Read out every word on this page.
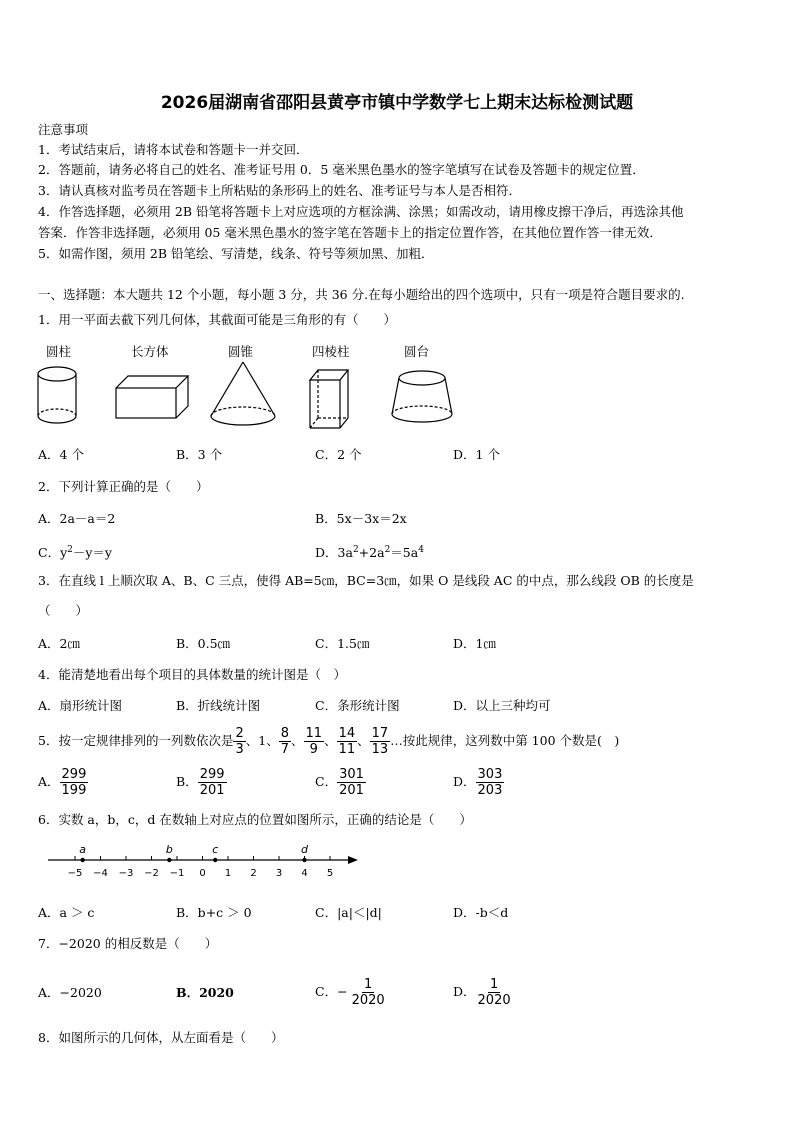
2026届湖南省邵阳县黄亭市镇中学数学七上期末达标检测试题
注意事项
1．考试结束后，请将本试卷和答题卡一并交回．
2．答题前，请务必将自己的姓名、准考证号用 0．5 毫米黑色墨水的签字笔填写在试卷及答题卡的规定位置．
3．请认真核对监考员在答题卡上所粘贴的条形码上的姓名、准考证号与本人是否相符．
4．作答选择题，必须用 2B 铅笔将答题卡上对应选项的方框涂满、涂黑；如需改动，请用橡皮擦干净后，再选涂其他
答案．作答非选择题，必须用 05 毫米黑色墨水的签字笔在答题卡上的指定位置作答，在其他位置作答一律无效．
5．如需作图，须用 2B 铅笔绘、写清楚，线条、符号等须加黑、加粗．
一、选择题：本大题共 12 个小题，每小题 3 分，共 36 分.在每小题给出的四个选项中，只有一项是符合题目要求的.
1．用一平面去截下列几何体，其截面可能是三角形的有（　　）
圆柱	长方体	圆锥	四棱柱	圆台
A．4 个	B．3 个	C．2 个	D．1 个
2．下列计算正确的是（　　）
A．2a－a＝2	B．5x－3x＝2x
C．$y^2-y=y$	D．$3a^2+2a^2=5a^4$
3．在直线 l 上顺次取 A、B、C 三点，使得 AB=5㎝，BC=3㎝，如果 O 是线段 AC 的中点，那么线段 OB 的长度是
（　　）
A．2㎝	B．0.5㎝	C．1.5㎝	D．1㎝
4．能清楚地看出每个项目的具体数量的统计图是（　）
A．扇形统计图	B．折线统计图	C．条形统计图	D．以上三种均可
5．按一定规律排列的一列数依次是 $\frac{2}{3}$ 、 1 、 $\frac{8}{7}$ 、 $\frac{11}{9}$ 、 $\frac{14}{11}$ 、 $\frac{17}{13}$ …按此规律，这列数中第 100 个数是(　)
A． $\frac{299}{199}$	B． $\frac{299}{201}$	C． $\frac{301}{201}$	D． $\frac{303}{203}$
6．实数 a，b，c，d 在数轴上对应点的位置如图所示，正确的结论是（　　）
−5 −4 −3 −2 −1 0 1 2 3 4 5
a	b	c	d
A．a ＞ c	B．b+c ＞ 0	C．|a|＜|d|	D．-b＜d
7．−2020 的相反数是（　　）
A．−2020	B．2020	C． − $\frac{1}{2020}$	D． $\frac{1}{2020}$
8．如图所示的几何体，从左面看是（　　）
